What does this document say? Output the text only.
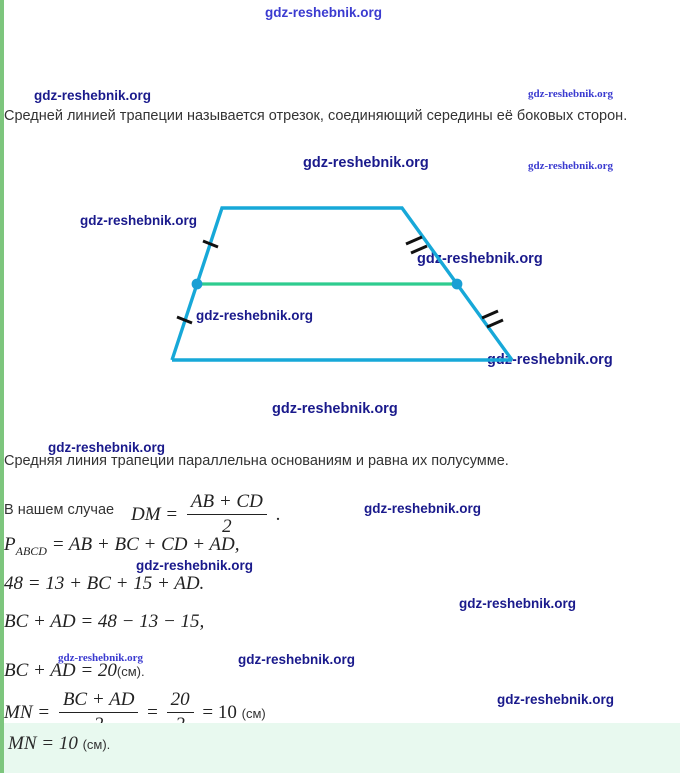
gdz-reshebnik.org
gdz-reshebnik.org	gdz-reshebnik.org
gdz-reshebnik.org	gdz-reshebnik.org
gdz-reshebnik.org
gdz-reshebnik.org
gdz-reshebnik.org
gdz-reshebnik.org
gdz-reshebnik.org
gdz-reshebnik.org
gdz-reshebnik.org
gdz-reshebnik.org
gdz-reshebnik.org
gdz-reshebnik.org	gdz-reshebnik.org
gdz-reshebnik.org
Средней линией трапеции называется отрезок, соединяющий середины её боковых сторон.
Средняя линия трапеции параллельна основаниям и равна их полусумме.
В нашем случае DM = $\frac{AB + CD}{2}$ .
$P_{ABCD}$ = AB + BC + CD + AD,
48 = 13 + BC + 15 + AD.
BC + AD = 48 − 13 − 15,
BC + AD = 20(см).
MN =
BC + AD
=
20
= 10 (см)
MN = 10 (см).
